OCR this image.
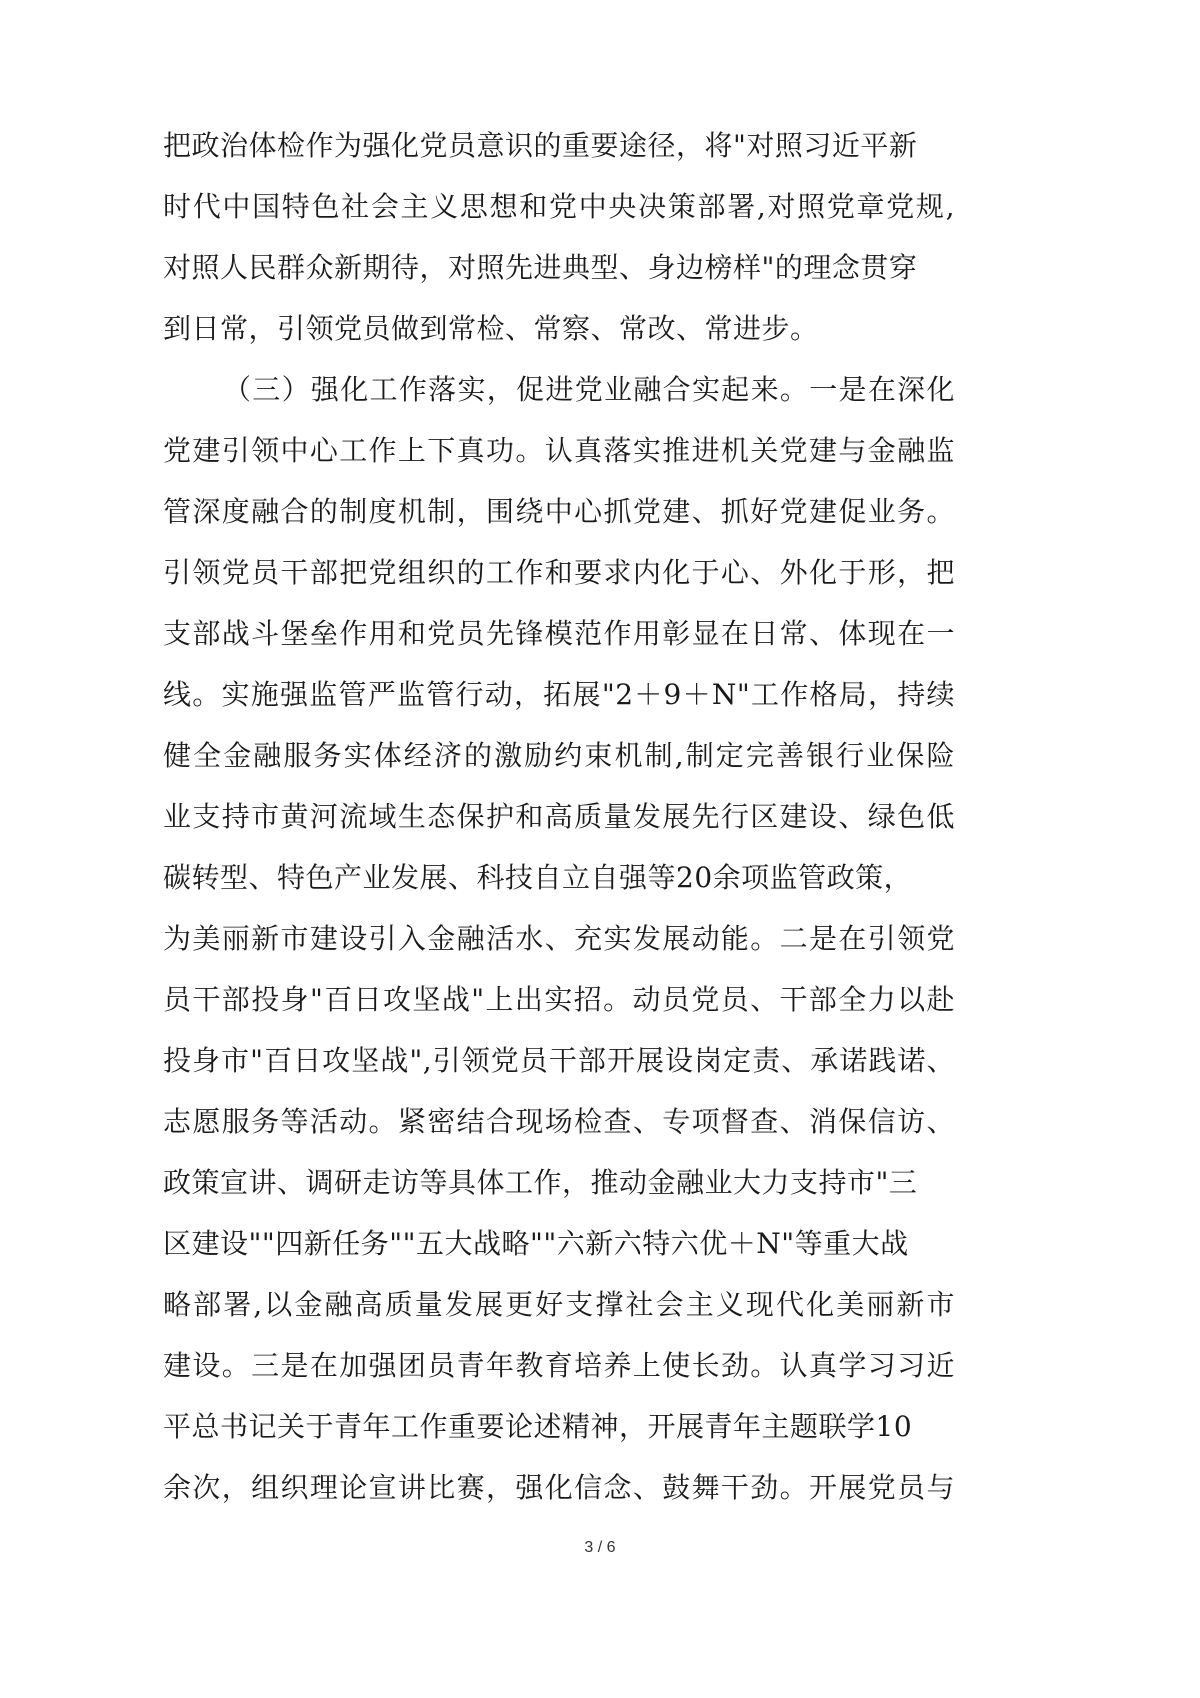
把政治体检作为强化党员意识的重要途径，将"对照习近平新
时代中国特色社会主义思想和党中央决策部署,对照党章党规,
对照人民群众新期待，对照先进典型、身边榜样"的理念贯穿
到日常，引领党员做到常检、常察、常改、常进步。
（三）强化工作落实，促进党业融合实起来。一是在深化
党建引领中心工作上下真功。认真落实推进机关党建与金融监
管深度融合的制度机制，围绕中心抓党建、抓好党建促业务。
引领党员干部把党组织的工作和要求内化于心、外化于形，把
支部战斗堡垒作用和党员先锋模范作用彰显在日常、体现在一
线。实施强监管严监管行动，拓展"2＋9＋N"工作格局，持续
健全金融服务实体经济的激励约束机制,制定完善银行业保险
业支持市黄河流域生态保护和高质量发展先行区建设、绿色低
碳转型、特色产业发展、科技自立自强等20余项监管政策，
为美丽新市建设引入金融活水、充实发展动能。二是在引领党
员干部投身"百日攻坚战"上出实招。动员党员、干部全力以赴
投身市"百日攻坚战",引领党员干部开展设岗定责、承诺践诺、
志愿服务等活动。紧密结合现场检查、专项督查、消保信访、
政策宣讲、调研走访等具体工作，推动金融业大力支持市"三
区建设""四新任务""五大战略""六新六特六优＋N"等重大战
略部署,以金融高质量发展更好支撑社会主义现代化美丽新市
建设。三是在加强团员青年教育培养上使长劲。认真学习习近
平总书记关于青年工作重要论述精神，开展青年主题联学10
余次，组织理论宣讲比赛，强化信念、鼓舞干劲。开展党员与
3 / 6
